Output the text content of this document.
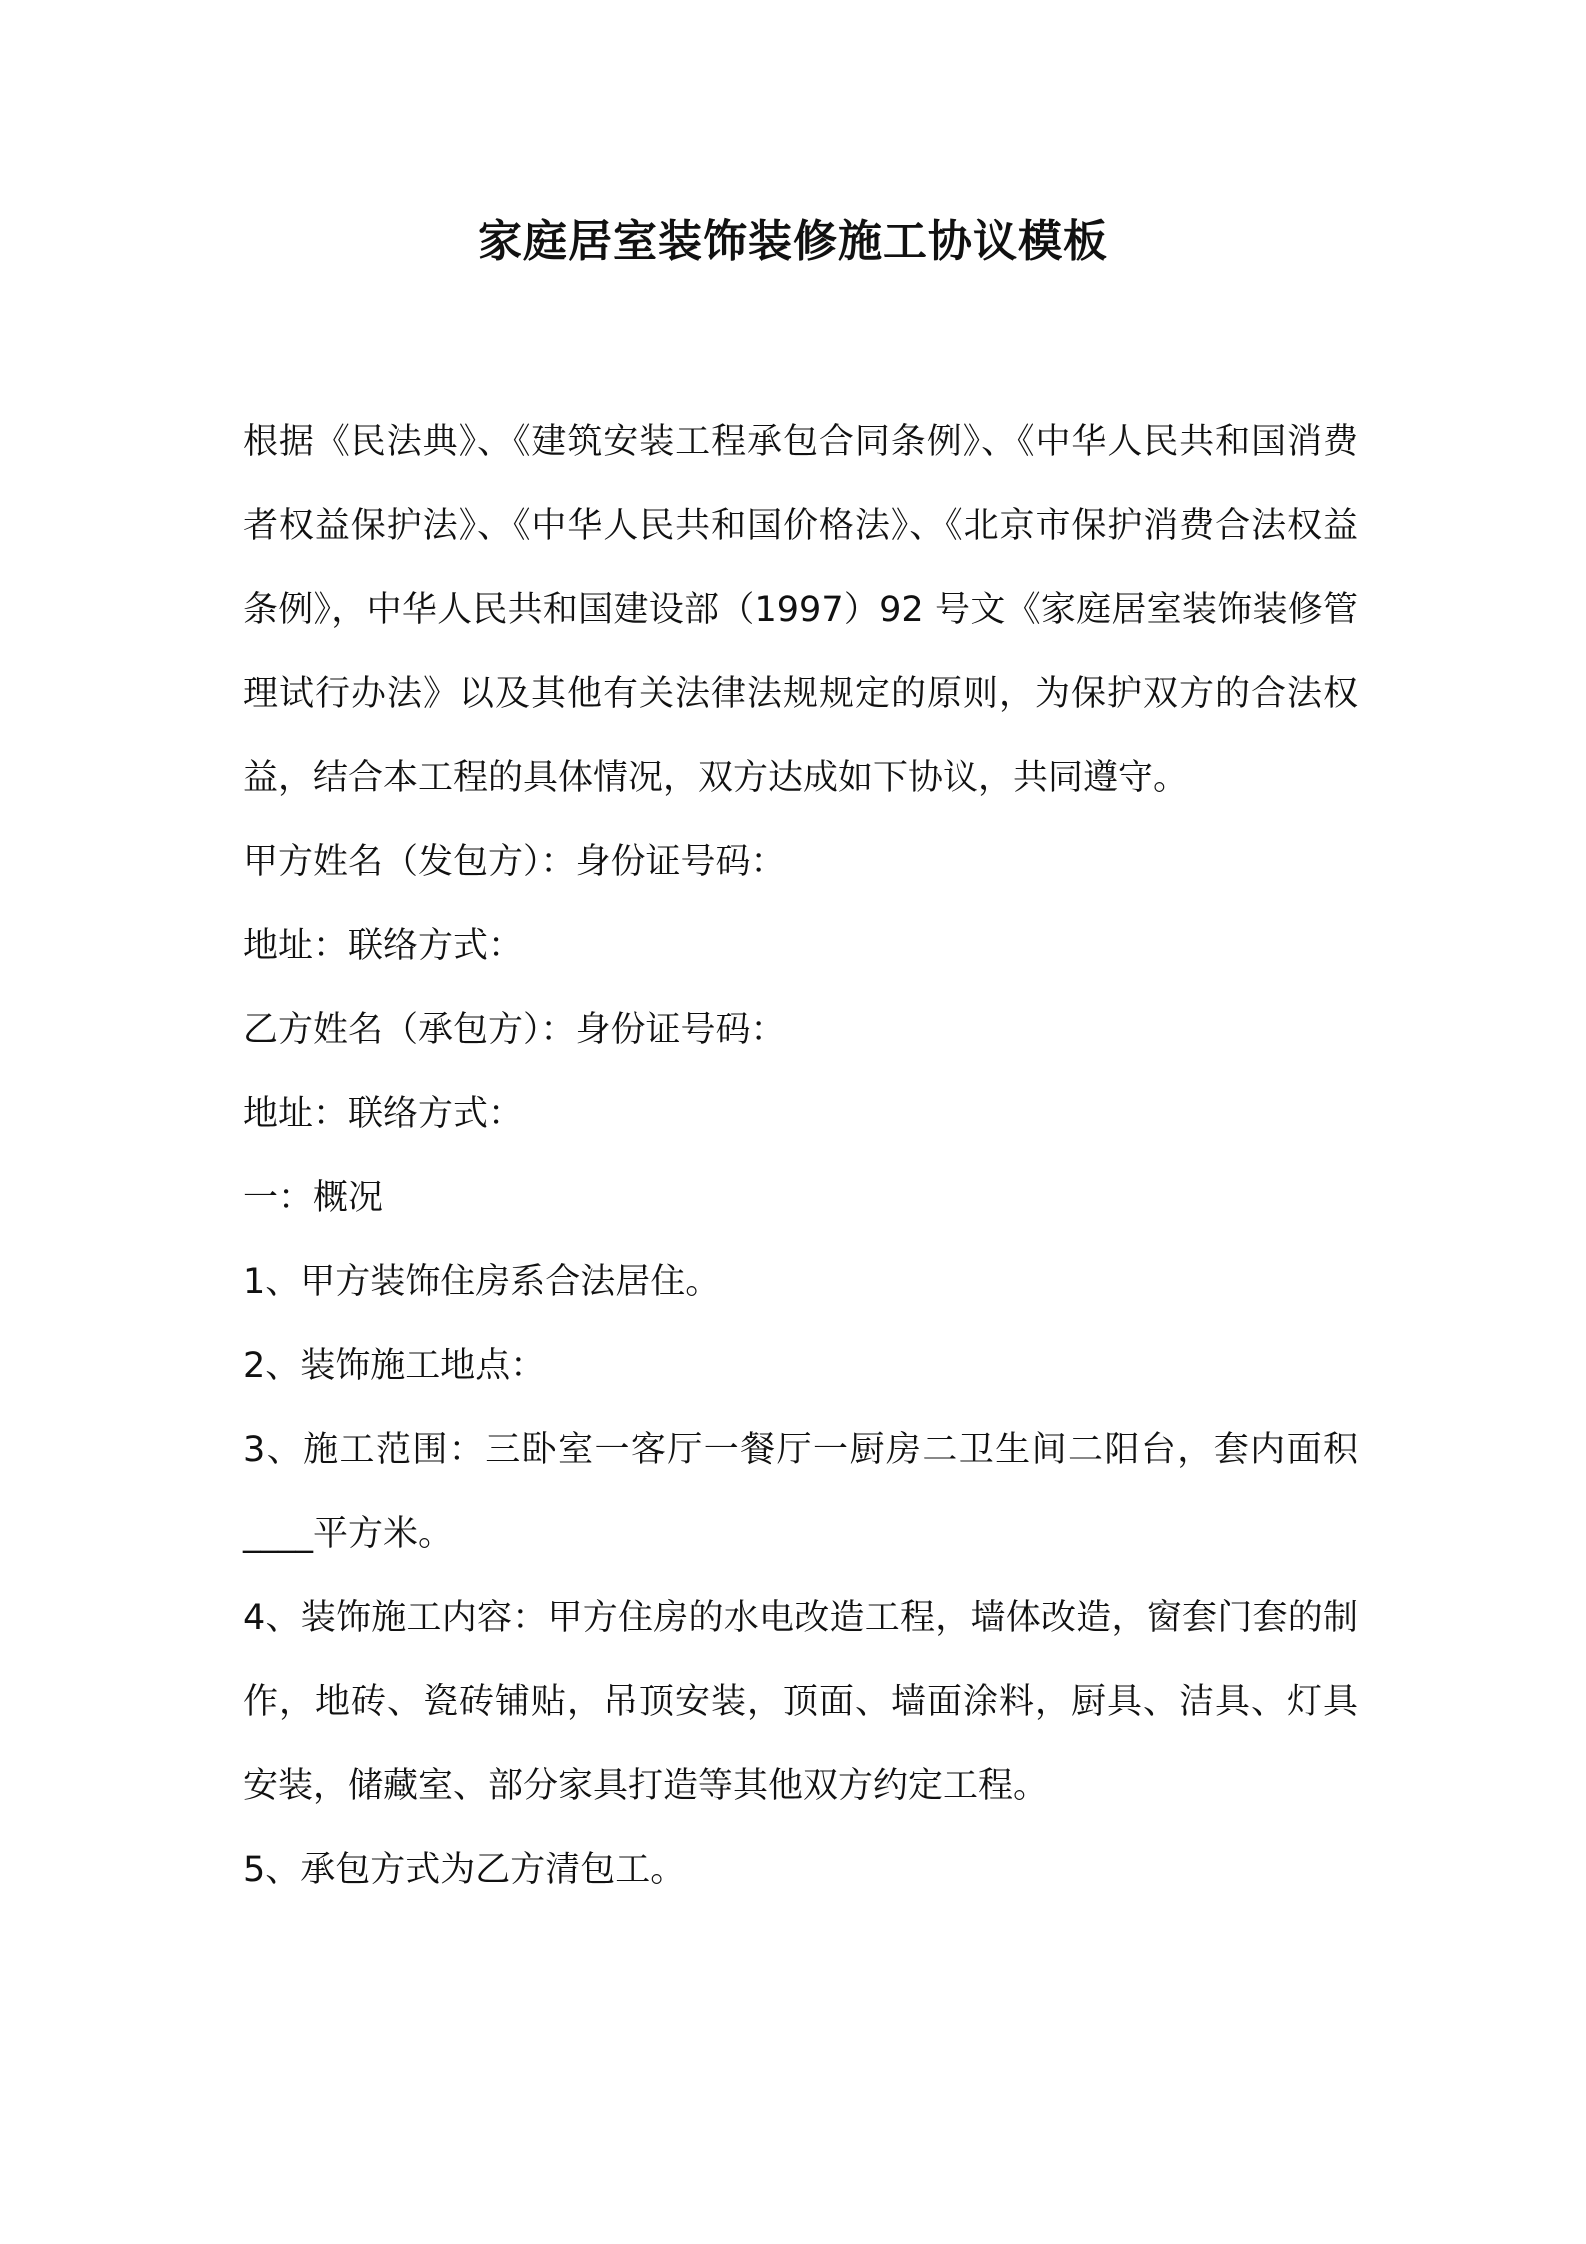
家庭居室装饰装修施工协议模板

根据《民法典》、《建筑安装工程承包合同条例》、《中华人民共和国消费者权益保护法》、《中华人民共和国价格法》、《北京市保护消费合法权益条例》，中华人民共和国建设部（1997）92 号文《家庭居室装饰装修管理试行办法》以及其他有关法律法规规定的原则，为保护双方的合法权益，结合本工程的具体情况，双方达成如下协议，共同遵守。

甲方姓名（发包方）：身份证号码：

地址：联络方式：

乙方姓名（承包方）：身份证号码：

地址：联络方式：

一：概况

1、甲方装饰住房系合法居住。

2、装饰施工地点：

3、施工范围：三卧室一客厅一餐厅一厨房二卫生间二阳台，套内面积____平方米。

4、装饰施工内容：甲方住房的水电改造工程，墙体改造，窗套门套的制作，地砖、瓷砖铺贴，吊顶安装，顶面、墙面涂料，厨具、洁具、灯具安装，储藏室、部分家具打造等其他双方约定工程。

5、承包方式为乙方清包工。
